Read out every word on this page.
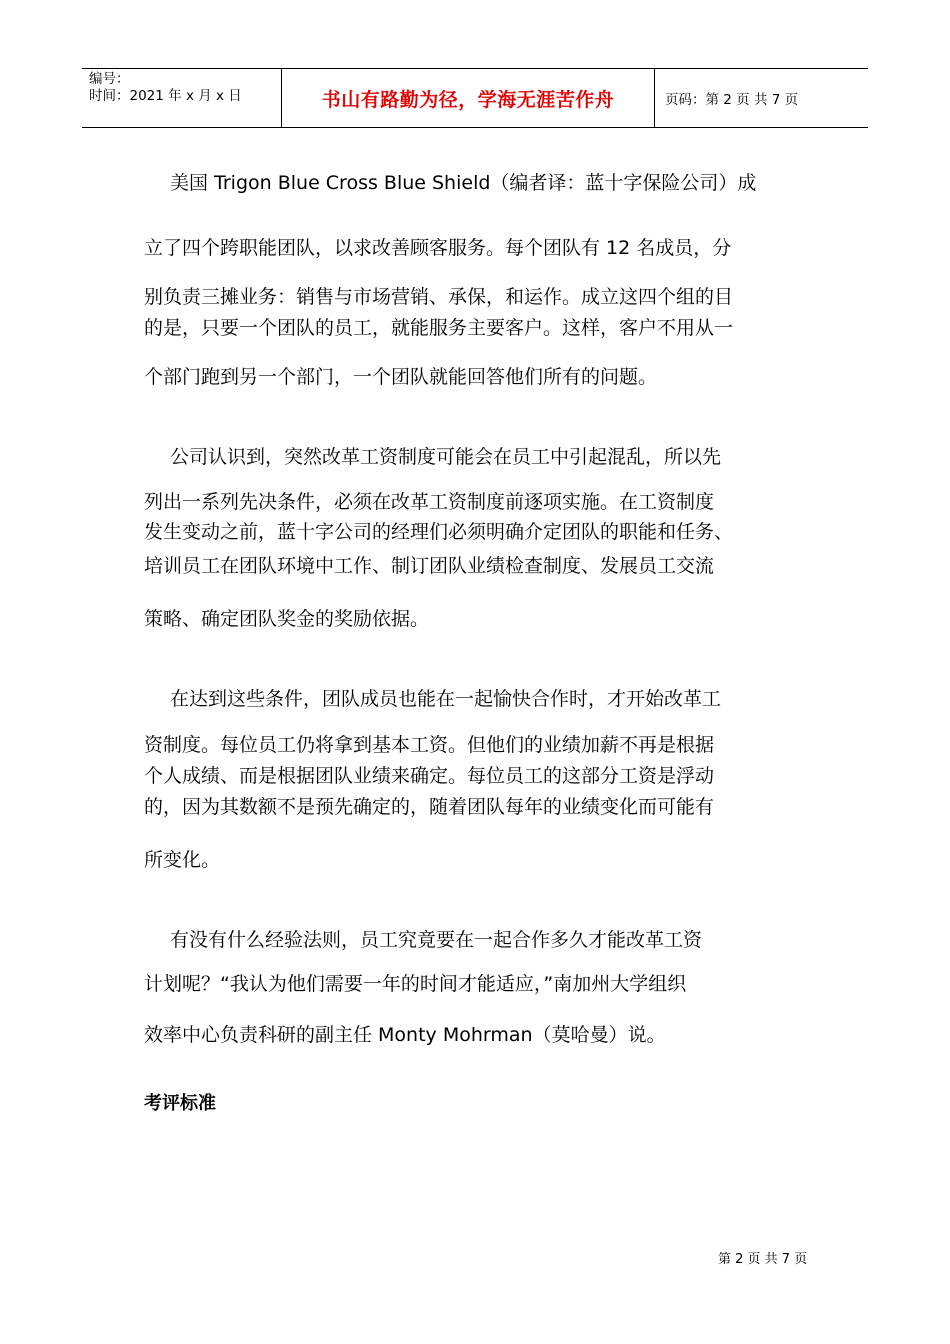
编号：
时间：2021 年 x 月 x 日	书山有路勤为径，学海无涯苦作舟	页码：第 2 页 共 7 页

美国 Trigon Blue Cross Blue Shield（编者译：蓝十字保险公司）成

立了四个跨职能团队，以求改善顾客服务。每个团队有 12 名成员，分

别负责三摊业务：销售与市场营销、承保，和运作。成立这四个组的目

的是，只要一个团队的员工，就能服务主要客户。这样，客户不用从一

个部门跑到另一个部门，一个团队就能回答他们所有的问题。

公司认识到，突然改革工资制度可能会在员工中引起混乱，所以先

列出一系列先决条件，必须在改革工资制度前逐项实施。在工资制度

发生变动之前，蓝十字公司的经理们必须明确介定团队的职能和任务、

培训员工在团队环境中工作、制订团队业绩检查制度、发展员工交流

策略、确定团队奖金的奖励依据。

在达到这些条件，团队成员也能在一起愉快合作时，才开始改革工

资制度。每位员工仍将拿到基本工资。但他们的业绩加薪不再是根据

个人成绩、而是根据团队业绩来确定。每位员工的这部分工资是浮动

的，因为其数额不是预先确定的，随着团队每年的业绩变化而可能有

所变化。

有没有什么经验法则，员工究竟要在一起合作多久才能改革工资

计划呢？“我认为他们需要一年的时间才能适应，”南加州大学组织

效率中心负责科研的副主任 Monty Mohrman（莫哈曼）说。

考评标准
第 2 页 共 7 页
